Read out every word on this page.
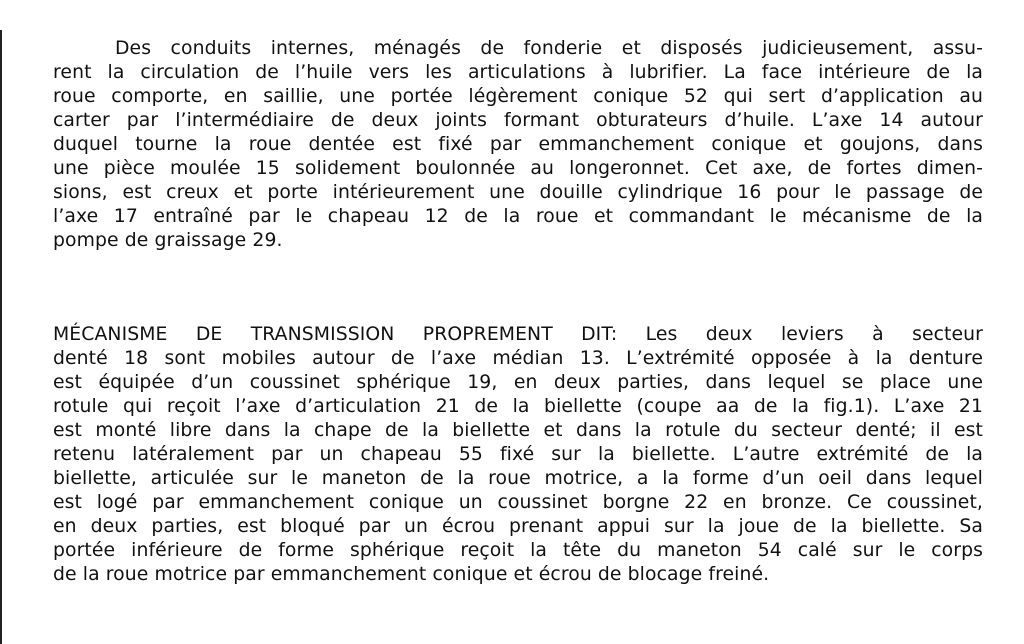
Des conduits internes, ménagés de fonderie et disposés judicieusement, assu-
rent la circulation de l’huile vers les articulations à lubrifier. La face intérieure de la
roue comporte, en saillie, une portée légèrement conique 52 qui sert d’application au
carter par l’intermédiaire de deux joints formant obturateurs d’huile. L’axe 14 autour
duquel tourne la roue dentée est fixé par emmanchement conique et goujons, dans
une pièce moulée 15 solidement boulonnée au longeronnet. Cet axe, de fortes dimen-
sions, est creux et porte intérieurement une douille cylindrique 16 pour le passage de
l’axe 17 entraîné par le chapeau 12 de la roue et commandant le mécanisme de la
pompe de graissage 29.
MÉCANISME DE TRANSMISSION PROPREMENT DIT: Les deux leviers à secteur
denté 18 sont mobiles autour de l’axe médian 13. L’extrémité opposée à la denture
est équipée d’un coussinet sphérique 19, en deux parties, dans lequel se place une
rotule qui reçoit l’axe d’articulation 21 de la biellette (coupe aa de la fig.1). L’axe 21
est monté libre dans la chape de la biellette et dans la rotule du secteur denté; il est
retenu latéralement par un chapeau 55 fixé sur la biellette. L’autre extrémité de la
biellette, articulée sur le maneton de la roue motrice, a la forme d’un oeil dans lequel
est logé par emmanchement conique un coussinet borgne 22 en bronze. Ce coussinet,
en deux parties, est bloqué par un écrou prenant appui sur la joue de la biellette. Sa
portée inférieure de forme sphérique reçoit la tête du maneton 54 calé sur le corps
de la roue motrice par emmanchement conique et écrou de blocage freiné.
